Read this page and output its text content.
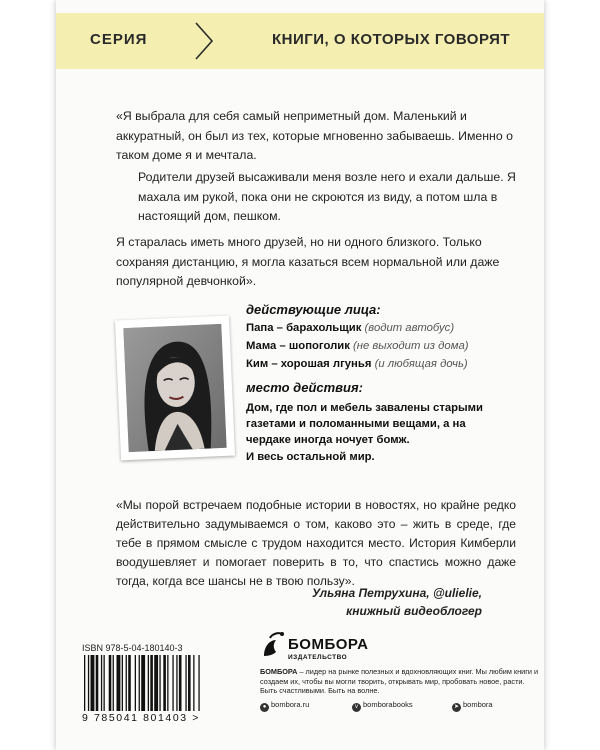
СЕРИЯ	КНИГИ, О КОТОРЫХ ГОВОРЯТ

«Я выбрала для себя самый неприметный дом. Маленький и аккуратный, он был из тех, которые мгновенно забываешь. Именно о таком доме я и мечтала.

Родители друзей высаживали меня возле него и ехали дальше. Я махала им рукой, пока они не скроются из виду, а потом шла в настоящий дом, пешком.

Я старалась иметь много друзей, но ни одного близкого. Только сохраняя дистанцию, я могла казаться всем нормальной или даже популярной девчонкой».

действующие лица:
Папа – барахольщик (водит автобус)
Мама – шопоголик (не выходит из дома)
Ким – хорошая лгунья (и любящая дочь)
место действия:

Дом, где пол и мебель завалены старыми газетами и поломанными вещами, а на чердаке иногда ночует бомж.

И весь остальной мир.

«Мы порой встречаем подобные истории в новостях, но крайне редко действительно задумываемся о том, каково это – жить в среде, где тебе в прямом смысле с трудом находится место. История Кимберли воодушевляет и помогает поверить в то, что спастись можно даже тогда, когда все шансы не в твою пользу».

Ульяна Петрухина, @ulielie,
книжный видеоблогер
ISBN 978-5-04-180140-3
9 785041 801403 >
БОМБОРА
ИЗДАТЕЛЬСТВО

БОМБОРА – лидер на рынке полезных и вдохновляющих книг. Мы любим книги и создаем их, чтобы вы могли творить, открывать мир, пробовать новое, расти. Быть счастливыми. Быть на волне.

● bombora.ru	v bomborabooks	➤ bombora
